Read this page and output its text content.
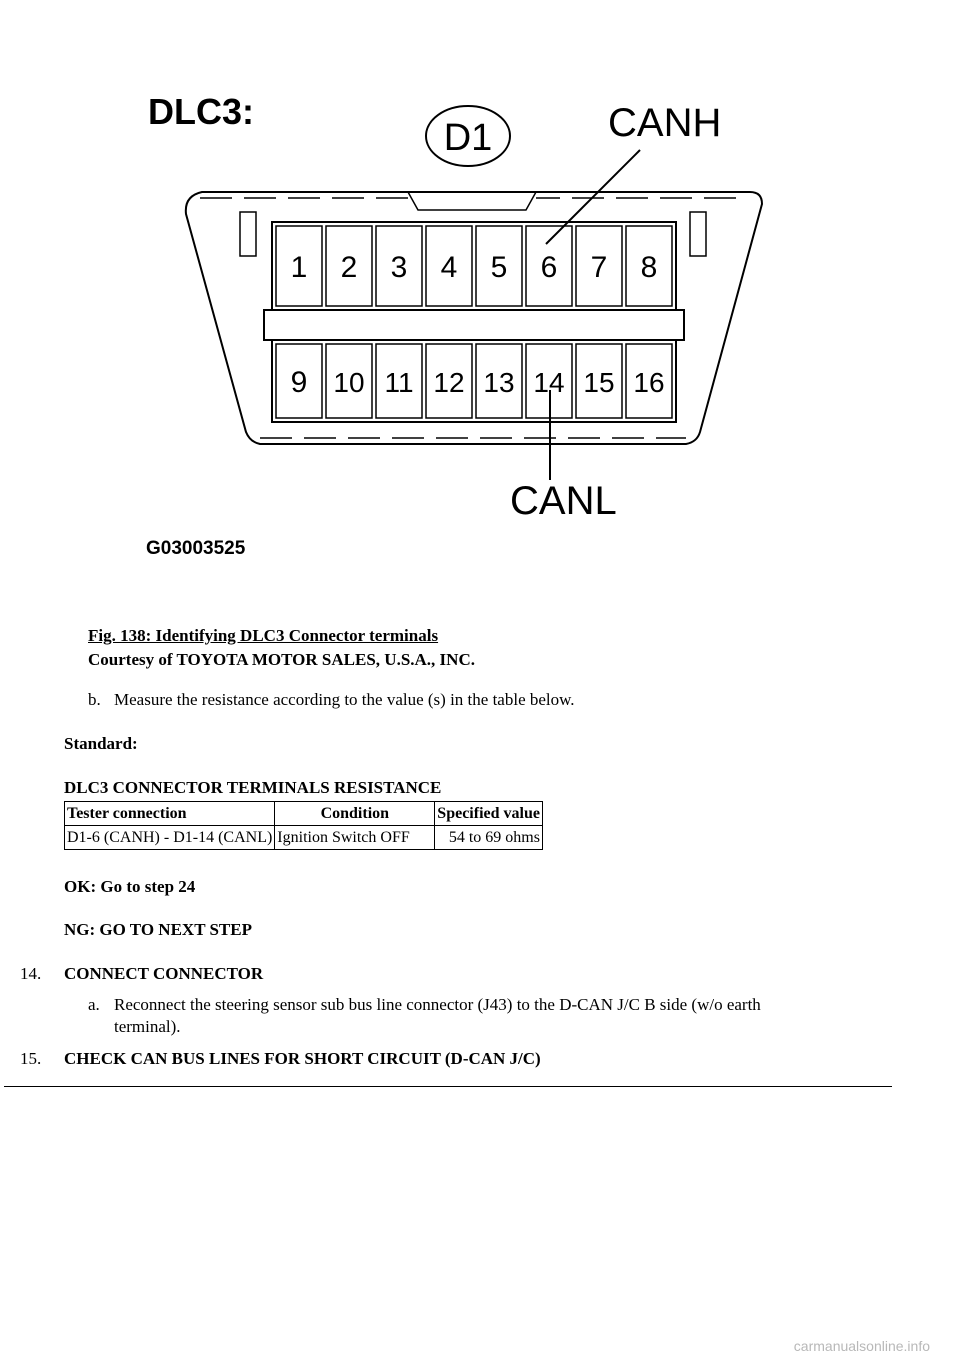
DLC3:
D1	CANH
1 2 3 4 5 6 7 8
9 10 11 12 13 14 15 16
CANL
G03003525
Fig. 138: Identifying DLC3 Connector terminals
Courtesy of TOYOTA MOTOR SALES, U.S.A., INC.
b. Measure the resistance according to the value (s) in the table below.
Standard:
DLC3 CONNECTOR TERMINALS RESISTANCE
Tester connection	Condition	Specified value
D1-6 (CANH) - D1-14 (CANL)	Ignition Switch OFF	54 to 69 ohms
OK: Go to step 24
NG: GO TO NEXT STEP
14. CONNECT CONNECTOR
a. Reconnect the steering sensor sub bus line connector (J43) to the D-CAN J/C B side (w/o earth
terminal).
15. CHECK CAN BUS LINES FOR SHORT CIRCUIT (D-CAN J/C)
carmanualsonline.info
